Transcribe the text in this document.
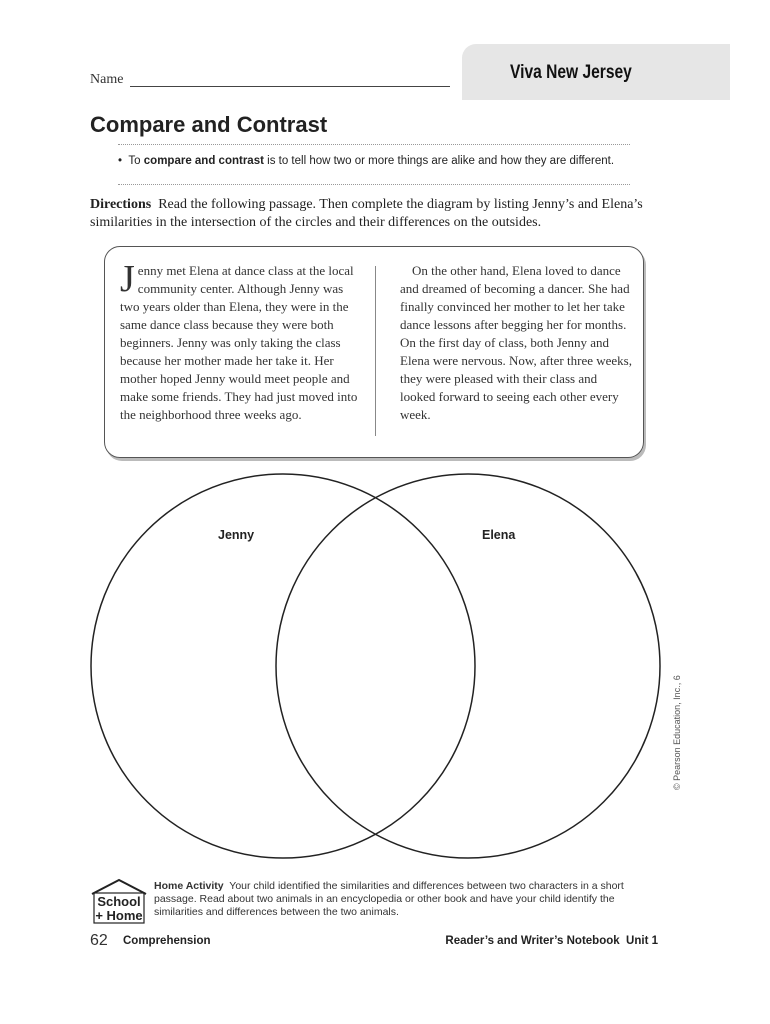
Viva New Jersey
Name
Compare and Contrast
• To compare and contrast is to tell how two or more things are alike and how they are different.
Directions Read the following passage. Then complete the diagram by listing Jenny’s and Elena’s similarities in the intersection of the circles and their differences on the outsides.
Jenny met Elena at dance class at the local community center. Although Jenny was two years older than Elena, they were in the same dance class because they were both beginners. Jenny was only taking the class because her mother made her take it. Her mother hoped Jenny would meet people and make some friends. They had just moved into the neighborhood three weeks ago.
On the other hand, Elena loved to dance and dreamed of becoming a dancer. She had finally convinced her mother to let her take dance lessons after begging her for months. On the first day of class, both Jenny and Elena were nervous. Now, after three weeks, they were pleased with their class and looked forward to seeing each other every week.
Jenny	Elena
© Pearson Education, Inc., 6
School
+ Home
Home Activity Your child identified the similarities and differences between two characters in a short passage. Read about two animals in an encyclopedia or other book and have your child identify the similarities and differences between the two animals.
62 Comprehension	Reader’s and Writer’s Notebook  Unit 1
